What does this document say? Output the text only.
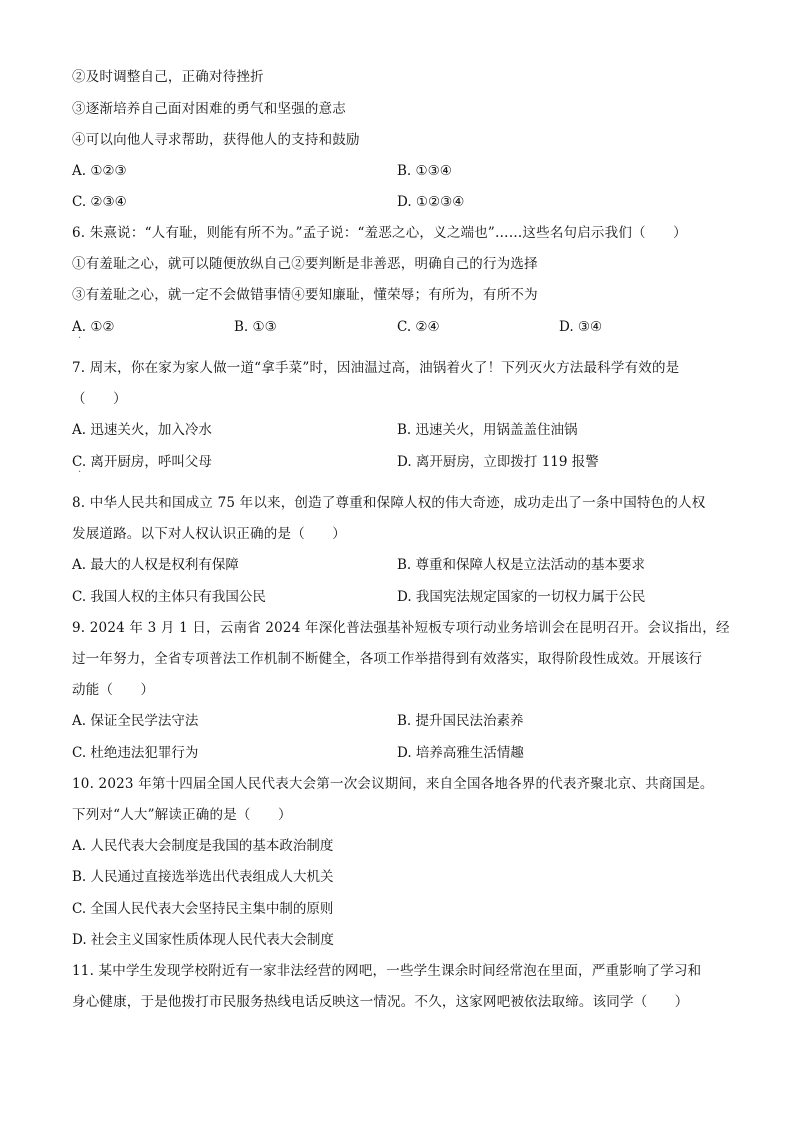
②及时调整自己，正确对待挫折
③逐渐培养自己面对困难的勇气和坚强的意志
④可以向他人寻求帮助，获得他人的支持和鼓励
A. ①②③	B. ①③④
C. ②③④	D. ①②③④
6. 朱熹说：“人有耻，则能有所不为。”孟子说：“羞恶之心，义之端也”……这些名句启示我们（　　）
①有羞耻之心，就可以随便放纵自己②要判断是非善恶，明确自己的行为选择
③有羞耻之心，就一定不会做错事情④要知廉耻，懂荣辱；有所为，有所不为
A. ①②	B. ①③	C. ②④	D. ③④
7. 周末，你在家为家人做一道“拿手菜”时，因油温过高，油锅着火了！下列灭火方法最科学有效的是
（　　）
A. 迅速关火，加入冷水	B. 迅速关火，用锅盖盖住油锅
C. 离开厨房，呼叫父母	D. 离开厨房，立即拨打 119 报警
8. 中华人民共和国成立 75 年以来，创造了尊重和保障人权的伟大奇迹，成功走出了一条中国特色的人权
发展道路。以下对人权认识正确的是（　　）
A. 最大的人权是权利有保障	B. 尊重和保障人权是立法活动的基本要求
C. 我国人权的主体只有我国公民	D. 我国宪法规定国家的一切权力属于公民
9. 2024 年 3 月 1 日，云南省 2024 年深化普法强基补短板专项行动业务培训会在昆明召开。会议指出，经
过一年努力，全省专项普法工作机制不断健全，各项工作举措得到有效落实，取得阶段性成效。开展该行
动能（　　）
A. 保证全民学法守法	B. 提升国民法治素养
C. 杜绝违法犯罪行为	D. 培养高雅生活情趣
10. 2023 年第十四届全国人民代表大会第一次会议期间，来自全国各地各界的代表齐聚北京、共商国是。
下列对“人大”解读正确的是（　　）
A. 人民代表大会制度是我国的基本政治制度
B. 人民通过直接选举选出代表组成人大机关
C. 全国人民代表大会坚持民主集中制的原则
D. 社会主义国家性质体现人民代表大会制度
11. 某中学生发现学校附近有一家非法经营的网吧，一些学生课余时间经常泡在里面，严重影响了学习和
身心健康，于是他拨打市民服务热线电话反映这一情况。不久，这家网吧被依法取缔。该同学（　　）
·
·
